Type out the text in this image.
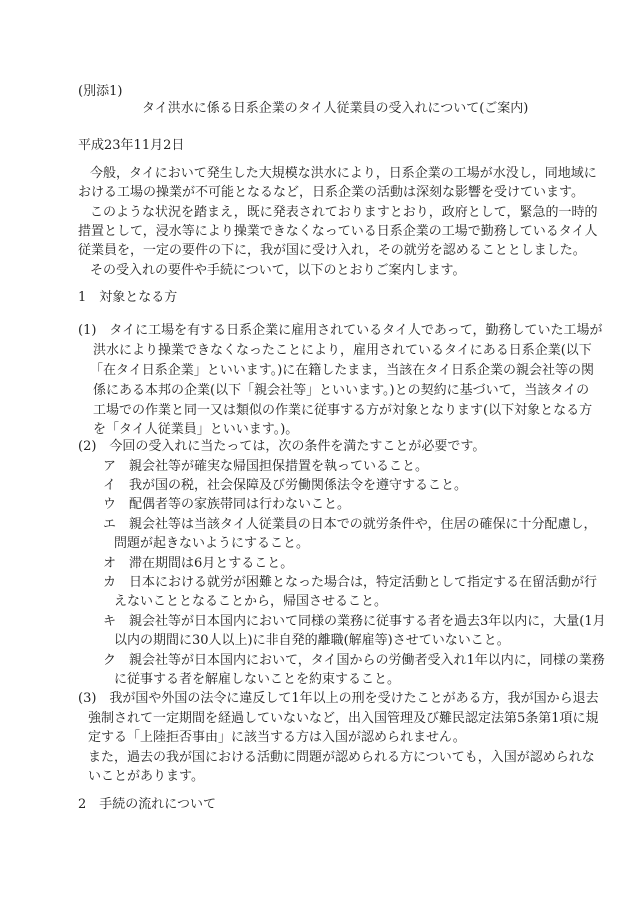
(別添1)
タイ洪水に係る日系企業のタイ人従業員の受入れについて(ご案内)
平成23年11月2日
今般，タイにおいて発生した大規模な洪水により，日系企業の工場が水没し，同地域に
おける工場の操業が不可能となるなど，日系企業の活動は深刻な影響を受けています。
このような状況を踏まえ，既に発表されておりますとおり，政府として，緊急的一時的
措置として，浸水等により操業できなくなっている日系企業の工場で勤務しているタイ人
従業員を，一定の要件の下に，我が国に受け入れ，その就労を認めることとしました。
その受入れの要件や手続について，以下のとおりご案内します。
1　対象となる方
(1)　タイに工場を有する日系企業に雇用されているタイ人であって，勤務していた工場が
洪水により操業できなくなったことにより，雇用されているタイにある日系企業(以下
「在タイ日系企業」といいます。)に在籍したまま，当該在タイ日系企業の親会社等の関
係にある本邦の企業(以下「親会社等」といいます。)との契約に基づいて，当該タイの
工場での作業と同一又は類似の作業に従事する方が対象となります(以下対象となる方
を「タイ人従業員」といいます。)。
(2)　今回の受入れに当たっては，次の条件を満たすことが必要です。
ア　親会社等が確実な帰国担保措置を執っていること。
イ　我が国の税，社会保障及び労働関係法令を遵守すること。
ウ　配偶者等の家族帯同は行わないこと。
エ　親会社等は当該タイ人従業員の日本での就労条件や，住居の確保に十分配慮し，
問題が起きないようにすること。
オ　滞在期間は6月とすること。
カ　日本における就労が困難となった場合は，特定活動として指定する在留活動が行
えないこととなることから，帰国させること。
キ　親会社等が日本国内において同様の業務に従事する者を過去3年以内に，大量(1月
以内の期間に30人以上)に非自発的離職(解雇等)させていないこと。
ク　親会社等が日本国内において，タイ国からの労働者受入れ1年以内に，同様の業務
に従事する者を解雇しないことを約束すること。
(3)　我が国や外国の法令に違反して1年以上の刑を受けたことがある方，我が国から退去
強制されて一定期間を経過していないなど，出入国管理及び難民認定法第5条第1項に規
定する「上陸拒否事由」に該当する方は入国が認められません。
また，過去の我が国における活動に問題が認められる方についても，入国が認められな
いことがあります。
2　手続の流れについて
